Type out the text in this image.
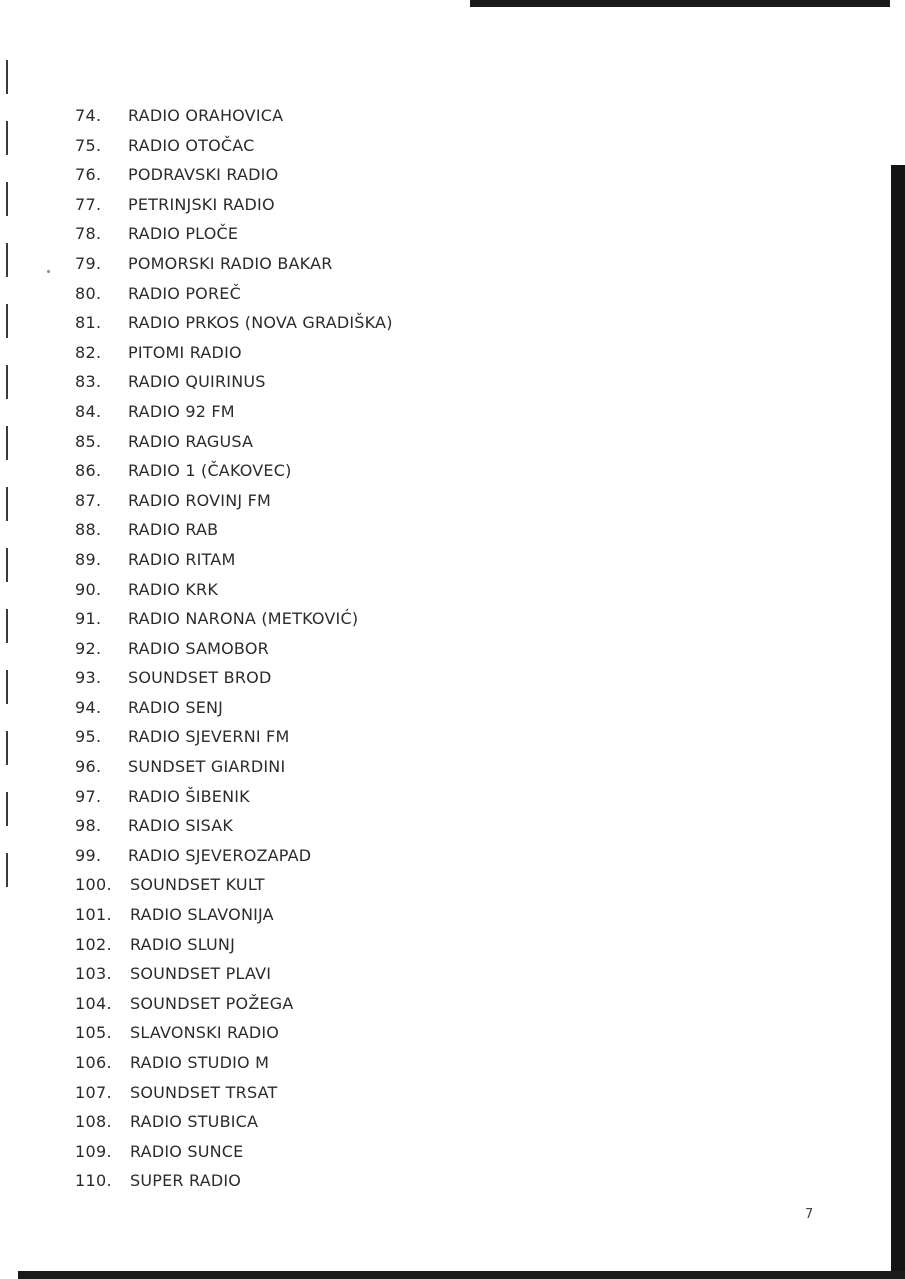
74. RADIO ORAHOVICA
75. RADIO OTOČAC
76. PODRAVSKI RADIO
77. PETRINJSKI RADIO
78. RADIO PLOČE
79. POMORSKI RADIO BAKAR
80. RADIO POREČ
81. RADIO PRKOS (NOVA GRADIŠKA)
82. PITOMI RADIO
83. RADIO QUIRINUS
84. RADIO 92 FM
85. RADIO RAGUSA
86. RADIO 1 (ČAKOVEC)
87. RADIO ROVINJ FM
88. RADIO RAB
89. RADIO RITAM
90. RADIO KRK
91. RADIO NARONA (METKOVIĆ)
92. RADIO SAMOBOR
93. SOUNDSET BROD
94. RADIO SENJ
95. RADIO SJEVERNI FM
96. SUNDSET GIARDINI
97. RADIO ŠIBENIK
98. RADIO SISAK
99. RADIO SJEVEROZAPAD
100. SOUNDSET KULT
101. RADIO SLAVONIJA
102. RADIO SLUNJ
103. SOUNDSET PLAVI
104. SOUNDSET POŽEGA
105. SLAVONSKI RADIO
106. RADIO STUDIO M
107. SOUNDSET TRSAT
108. RADIO STUBICA
109. RADIO SUNCE
110. SUPER RADIO
7
